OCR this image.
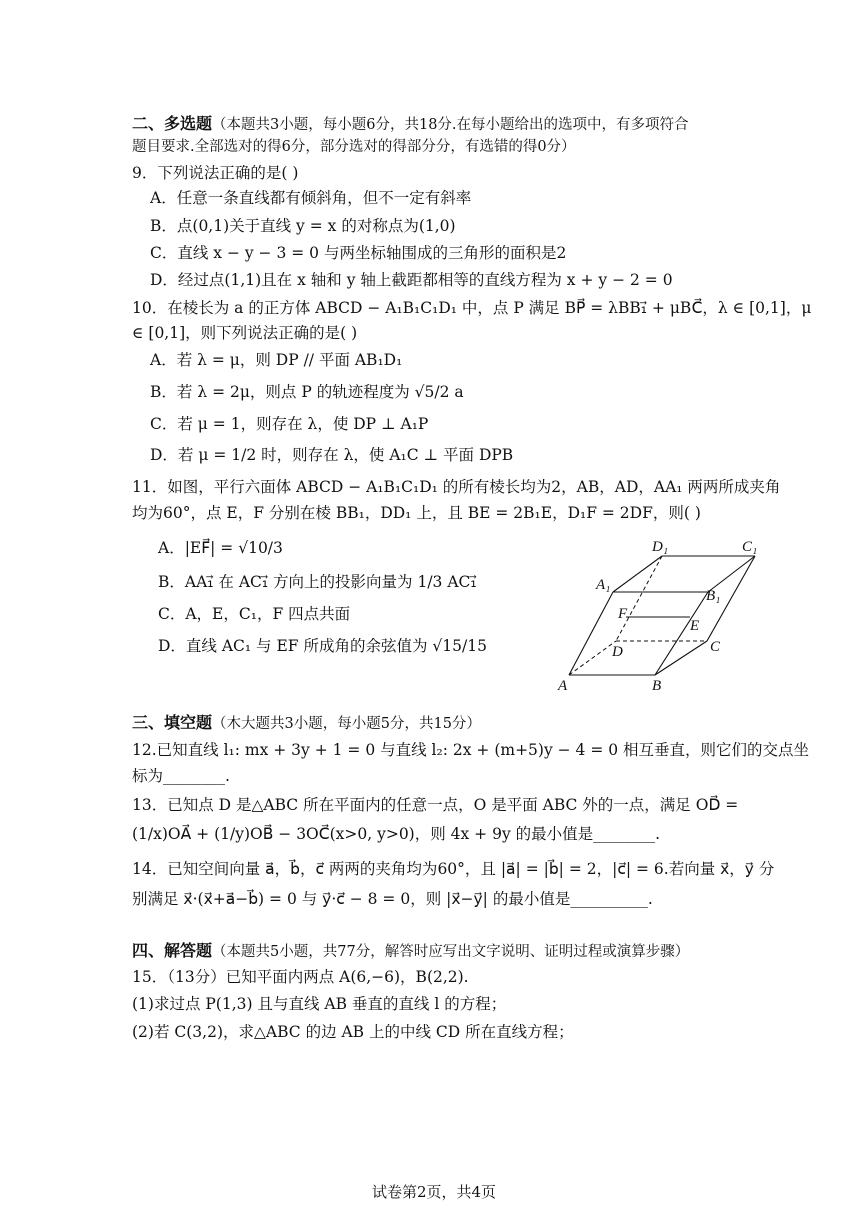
二、多选题（本题共3小题，每小题6分，共18分.在每小题给出的选项中，有多项符合
题目要求.全部选对的得6分，部分选对的得部分分，有选错的得0分）
9．下列说法正确的是( )
A．任意一条直线都有倾斜角，但不一定有斜率
B．点(0,1)关于直线 y = x 的对称点为(1,0)
C．直线 x − y − 3 = 0 与两坐标轴围成的三角形的面积是2
D．经过点(1,1)且在 x 轴和 y 轴上截距都相等的直线方程为 x + y − 2 = 0
10．在棱长为 a 的正方体 ABCD − A₁B₁C₁D₁ 中，点 P 满足 BP⃗ = λBB₁⃗ + μBC⃗，λ ∈ [0,1]，μ
∈ [0,1]，则下列说法正确的是( )
A．若 λ = μ，则 DP // 平面 AB₁D₁
B．若 λ = 2μ，则点 P 的轨迹程度为 √5/2 a
C．若 μ = 1，则存在 λ，使 DP ⊥ A₁P
D．若 μ = 1/2 时，则存在 λ，使 A₁C ⊥ 平面 DPB
11．如图，平行六面体 ABCD − A₁B₁C₁D₁ 的所有棱长均为2，AB，AD，AA₁ 两两所成夹角
均为60°，点 E，F 分别在棱 BB₁，DD₁ 上，且 BE = 2B₁E，D₁F = 2DF，则( )
A．|EF⃗| = √10/3
B．AA₁⃗ 在 AC₁⃗ 方向上的投影向量为 1/3 AC₁⃗
C．A，E，C₁，F 四点共面
D．直线 AC₁ 与 EF 所成角的余弦值为 √15/15
D₁	C₁
A₁
B₁
F
E
D	C
A	B
三、填空题（木大题共3小题，每小题5分，共15分）
12.已知直线 l₁: mx + 3y + 1 = 0 与直线 l₂: 2x + (m+5)y − 4 = 0 相互垂直，则它们的交点坐
标为________.
13．已知点 D 是△ABC 所在平面内的任意一点，O 是平面 ABC 外的一点，满足 OD⃗ =
(1/x)OA⃗ + (1/y)OB⃗ − 3OC⃗(x>0, y>0)，则 4x + 9y 的最小值是________.
14．已知空间向量 a⃗，b⃗，c⃗ 两两的夹角均为60°，且 |a⃗| = |b⃗| = 2，|c⃗| = 6.若向量 x⃗，y⃗ 分
别满足 x⃗·(x⃗+a⃗−b⃗) = 0 与 y⃗·c⃗ − 8 = 0，则 |x⃗−y⃗| 的最小值是__________.
四、解答题（本题共5小题，共77分，解答时应写出文字说明、证明过程或演算步骤）
15．（13分）已知平面内两点 A(6,−6)，B(2,2).
(1)求过点 P(1,3) 且与直线 AB 垂直的直线 l 的方程；
(2)若 C(3,2)，求△ABC 的边 AB 上的中线 CD 所在直线方程；
试卷第2页，共4页
